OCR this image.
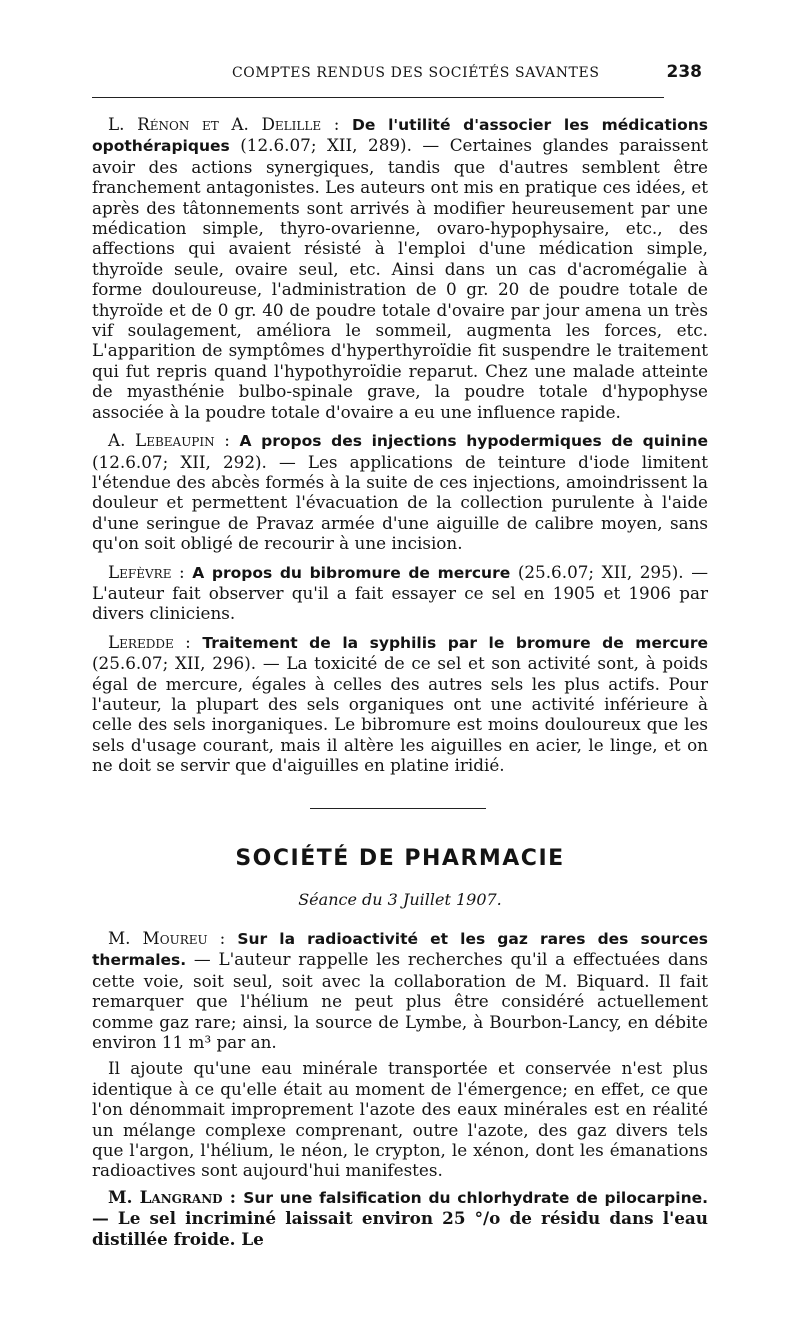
COMPTES RENDUS DES SOCIÉTÉS SAVANTES	238

L. Rénon et A. Delille : De l'utilité d'associer les médications opothérapiques (12.6.07; XII, 289). — Certaines glandes paraissent avoir des actions synergiques, tandis que d'autres semblent être franchement antagonistes. Les auteurs ont mis en pratique ces idées, et après des tâtonnements sont arrivés à modifier heureusement par une médication simple, thyro-ovarienne, ovaro-hypophysaire, etc., des affections qui avaient résisté à l'emploi d'une médication simple, thyroïde seule, ovaire seul, etc. Ainsi dans un cas d'acromégalie à forme douloureuse, l'administration de 0 gr. 20 de poudre totale de thyroïde et de 0 gr. 40 de poudre totale d'ovaire par jour amena un très vif soulagement, améliora le sommeil, augmenta les forces, etc. L'apparition de symptômes d'hyperthyroïdie fit suspendre le traitement qui fut repris quand l'hypothyroïdie reparut. Chez une malade atteinte de myasthénie bulbo-spinale grave, la poudre totale d'hypophyse associée à la poudre totale d'ovaire a eu une influence rapide.

A. Lebeaupin : A propos des injections hypodermiques de quinine (12.6.07; XII, 292). — Les applications de teinture d'iode limitent l'étendue des abcès formés à la suite de ces injections, amoindrissent la douleur et permettent l'évacuation de la collection purulente à l'aide d'une seringue de Pravaz armée d'une aiguille de calibre moyen, sans qu'on soit obligé de recourir à une incision.

Lefèvre : A propos du bibromure de mercure (25.6.07; XII, 295). — L'auteur fait observer qu'il a fait essayer ce sel en 1905 et 1906 par divers cliniciens.

Leredde : Traitement de la syphilis par le bromure de mercure (25.6.07; XII, 296). — La toxicité de ce sel et son activité sont, à poids égal de mercure, égales à celles des autres sels les plus actifs. Pour l'auteur, la plupart des sels organiques ont une activité inférieure à celle des sels inorganiques. Le bibromure est moins douloureux que les sels d'usage courant, mais il altère les aiguilles en acier, le linge, et on ne doit se servir que d'aiguilles en platine iridié.

SOCIÉTÉ DE PHARMACIE
Séance du 3 Juillet 1907.

M. Moureu : Sur la radioactivité et les gaz rares des sources thermales. — L'auteur rappelle les recherches qu'il a effectuées dans cette voie, soit seul, soit avec la collaboration de M. Biquard. Il fait remarquer que l'hélium ne peut plus être considéré actuellement comme gaz rare; ainsi, la source de Lymbe, à Bourbon-Lancy, en débite environ 11 m³ par an.

Il ajoute qu'une eau minérale transportée et conservée n'est plus identique à ce qu'elle était au moment de l'émergence; en effet, ce que l'on dénommait improprement l'azote des eaux minérales est en réalité un mélange complexe comprenant, outre l'azote, des gaz divers tels que l'argon, l'hélium, le néon, le crypton, le xénon, dont les émanations radioactives sont aujourd'hui manifestes.

M. Langrand : Sur une falsification du chlorhydrate de pilocarpine. — Le sel incriminé laissait environ 25 °/o de résidu dans l'eau distillée froide. Le
